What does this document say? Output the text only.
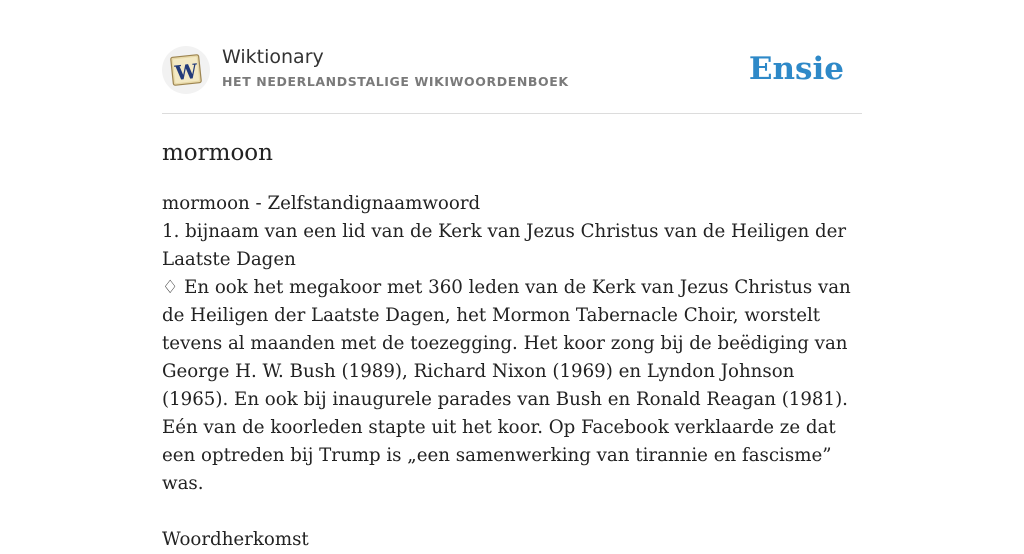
W
Wiktionary
HET NEDERLANDSTALIGE WIKIWOORDENBOEK	Ensie
mormoon

mormoon - Zelfstandignaamwoord

1. bijnaam van een lid van de Kerk van Jezus Christus van de Heiligen der Laatste Dagen

♢ En ook het megakoor met 360 leden van de Kerk van Jezus Christus van de Heiligen der Laatste Dagen, het Mormon Tabernacle Choir, worstelt tevens al maanden met de toezegging. Het koor zong bij de beëdiging van George H. W. Bush (1989), Richard Nixon (1969) en Lyndon Johnson (1965). En ook bij inaugurele parades van Bush en Ronald Reagan (1981). Eén van de koorleden stapte uit het koor. Op Facebook verklaarde ze dat een optreden bij Trump is „een samenwerking van tirannie en fascisme” was.

Woordherkomst
